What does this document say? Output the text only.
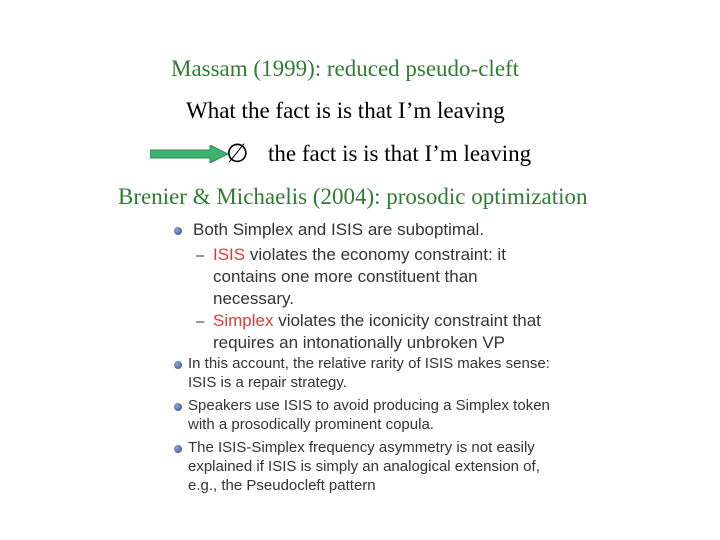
Massam (1999): reduced pseudo-cleft
What the fact is is that I’m leaving
∅ the fact is is that I’m leaving
Brenier & Michaelis (2004): prosodic optimization
Both Simplex and ISIS are suboptimal.
– ISIS violates the economy constraint: it
contains one more constituent than
necessary.
– Simplex violates the iconicity constraint that
requires an intonationally unbroken VP
In this account, the relative rarity of ISIS makes sense:
ISIS is a repair strategy.
Speakers use ISIS to avoid producing a Simplex token
with a prosodically prominent copula.
The ISIS-Simplex frequency asymmetry is not easily
explained if ISIS is simply an analogical extension of,
e.g., the Pseudocleft pattern
